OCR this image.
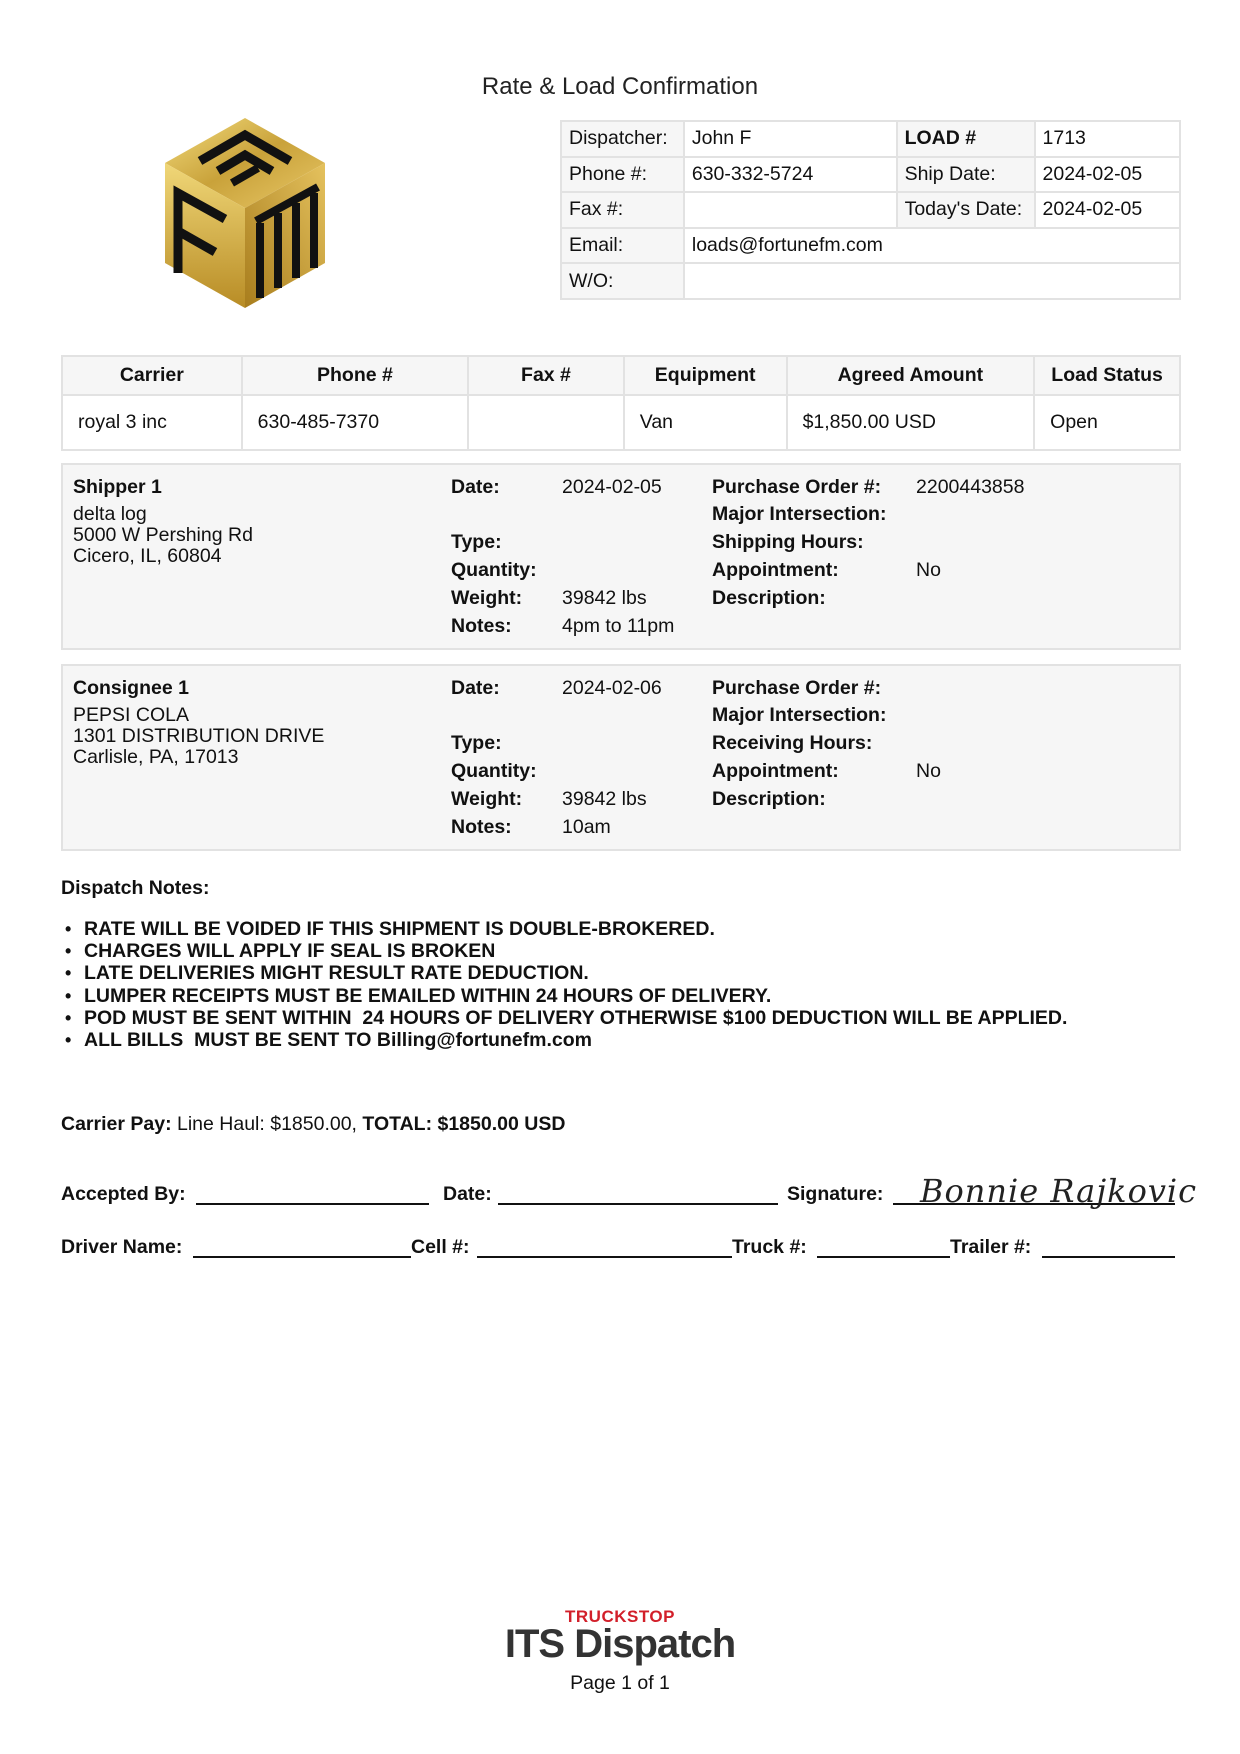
Rate & Load Confirmation
Dispatcher:	John F	LOAD #	1713
Phone #:	630-332-5724	Ship Date:	2024-02-05
Fax #:		Today's Date:	2024-02-05
Email:	loads@fortunefm.com		
W/O:			
Carrier	Phone #	Fax #	Equipment	Agreed Amount	Load Status
royal 3 inc	630-485-7370		Van	$1,850.00 USD	Open
Shipper 1
delta log
5000 W Pershing Rd
Cicero, IL, 60804
Date:	2024-02-05
Type:
Quantity:
Weight: 39842 lbs
Notes:	4pm to 11pm
Purchase Order #: 2200443858
Major Intersection:
Shipping Hours:
Appointment:	No
Description:
Consignee 1
PEPSI COLA
1301 DISTRIBUTION DRIVE
Carlisle, PA, 17013
Date:	2024-02-06
Type:
Quantity:
Weight: 39842 lbs
Notes:	10am
Purchase Order #:
Major Intersection:
Receiving Hours:
Appointment:	No
Description:
Dispatch Notes:
• RATE WILL BE VOIDED IF THIS SHIPMENT IS DOUBLE-BROKERED.
• CHARGES WILL APPLY IF SEAL IS BROKEN
• LATE DELIVERIES MIGHT RESULT RATE DEDUCTION.
• LUMPER RECEIPTS MUST BE EMAILED WITHIN 24 HOURS OF DELIVERY.
• POD MUST BE SENT WITHIN  24 HOURS OF DELIVERY OTHERWISE $100 DEDUCTION WILL BE APPLIED.
• ALL BILLS  MUST BE SENT TO Billing@fortunefm.com
Carrier Pay: Line Haul: $1850.00, TOTAL: $1850.00 USD
Accepted By:	Date:	Signature: Bonnie Rajkovic
Driver Name:	Cell #:	Truck #:	Trailer #:
TRUCKSTOP
ITS Dispatch
Page 1 of 1
